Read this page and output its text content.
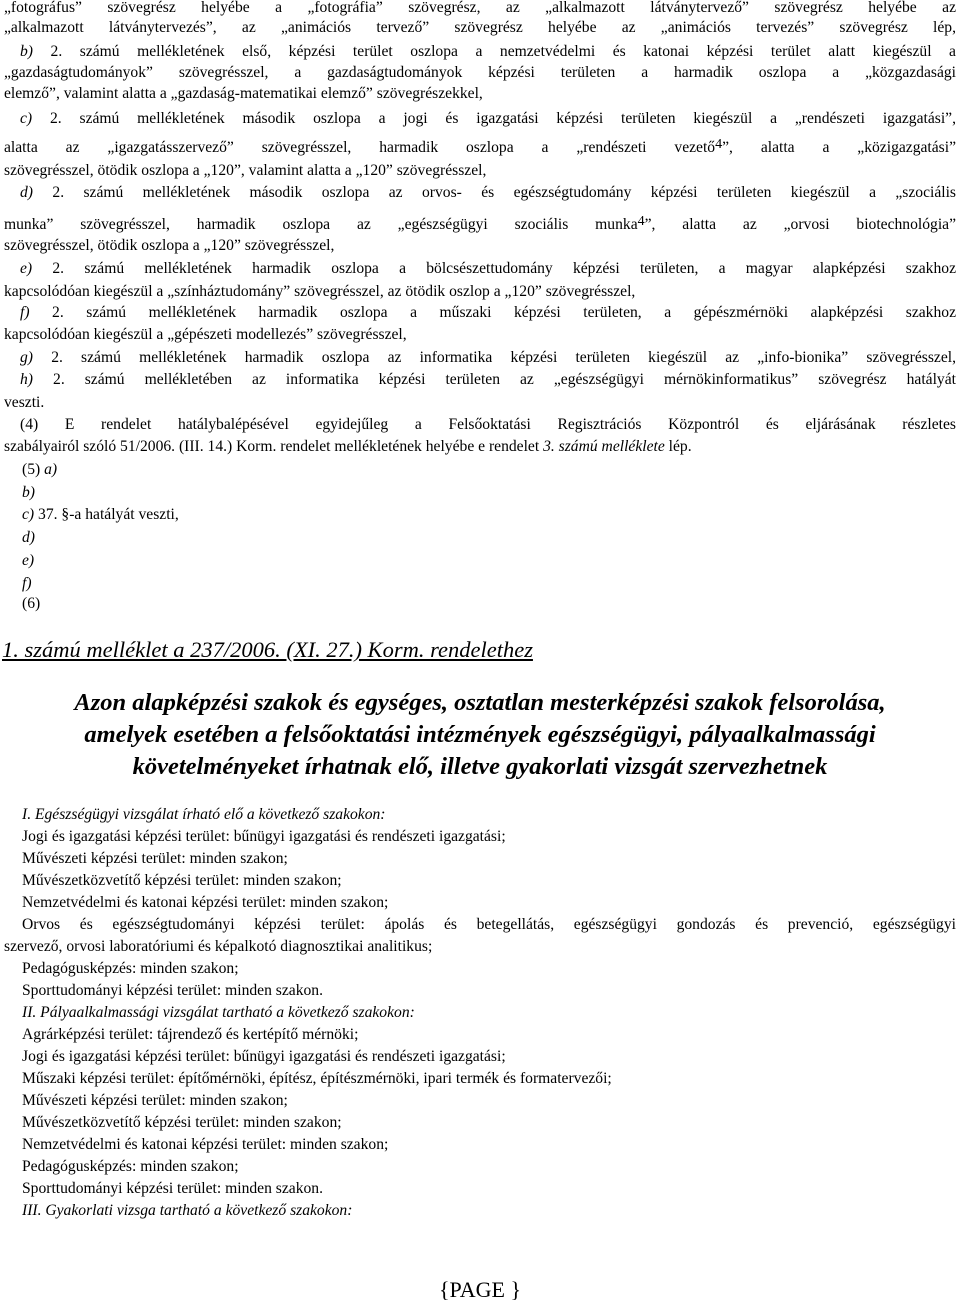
„fotográfus” szövegrész helyébe a „fotográfia” szövegrész, az „alkalmazott látványtervező” szövegrész helyébe az
„alkalmazott látványtervezés”, az „animációs tervező” szövegrész helyébe az „animációs tervezés” szövegrész lép,
b) 2. számú mellékletének első, képzési terület oszlopa a nemzetvédelmi és katonai képzési terület alatt kiegészül a
„gazdaságtudományok” szövegrésszel, a gazdaságtudományok képzési területen a harmadik oszlopa a „közgazdasági
elemző”, valamint alatta a „gazdaság-matematikai elemző” szövegrészekkel,
c) 2. számú mellékletének második oszlopa a jogi és igazgatási képzési területen kiegészül a „rendészeti igazgatási”,
alatta az „igazgatásszervező” szövegrésszel, harmadik oszlopa a „rendészeti vezető$^4$”, alatta a „közigazgatási”
szövegrésszel, ötödik oszlopa a „120”, valamint alatta a „120” szövegrésszel,
d) 2. számú mellékletének második oszlopa az orvos- és egészségtudomány képzési területen kiegészül a „szociális
munka” szövegrésszel, harmadik oszlopa az „egészségügyi szociális munka$^4$”, alatta az „orvosi biotechnológia”
szövegrésszel, ötödik oszlopa a „120” szövegrésszel,
e) 2. számú mellékletének harmadik oszlopa a bölcsészettudomány képzési területen, a magyar alapképzési szakhoz
kapcsolódóan kiegészül a „színháztudomány” szövegrésszel, az ötödik oszlop a „120” szövegrésszel,
f) 2. számú mellékletének harmadik oszlopa a műszaki képzési területen, a gépészmérnöki alapképzési szakhoz
kapcsolódóan kiegészül a „gépészeti modellezés” szövegrésszel,
g) 2. számú mellékletének harmadik oszlopa az informatika képzési területen kiegészül az „info-bionika” szövegrésszel,
h) 2. számú mellékletében az informatika képzési területen az „egészségügyi mérnökinformatikus” szövegrész hatályát
veszti.
(4) E rendelet hatálybalépésével egyidejűleg a Felsőoktatási Regisztrációs Központról és eljárásának részletes
szabályairól szóló 51/2006. (III. 14.) Korm. rendelet mellékletének helyébe e rendelet 3. számú melléklete lép.
(5) a)
b)
c) 37. §-a hatályát veszti,
d)
e)
f)
(6)
1. számú melléklet a 237/2006. (XI. 27.) Korm. rendelethez
Azon alapképzési szakok és egységes, osztatlan mesterképzési szakok felsorolása,
amelyek esetében a felsőoktatási intézmények egészségügyi, pályaalkalmassági
követelményeket írhatnak elő, illetve gyakorlati vizsgát szervezhetnek
I. Egészségügyi vizsgálat írható elő a következő szakokon:
Jogi és igazgatási képzési terület: bűnügyi igazgatási és rendészeti igazgatási;
Művészeti képzési terület: minden szakon;
Művészetközvetítő képzési terület: minden szakon;
Nemzetvédelmi és katonai képzési terület: minden szakon;
Orvos és egészségtudományi képzési terület: ápolás és betegellátás, egészségügyi gondozás és prevenció, egészségügyi
szervező, orvosi laboratóriumi és képalkotó diagnosztikai analitikus;
Pedagógusképzés: minden szakon;
Sporttudományi képzési terület: minden szakon.
II. Pályaalkalmassági vizsgálat tartható a következő szakokon:
Agrárképzési terület: tájrendező és kertépítő mérnöki;
Jogi és igazgatási képzési terület: bűnügyi igazgatási és rendészeti igazgatási;
Műszaki képzési terület: építőmérnöki, építész, építészmérnöki, ipari termék és formatervezői;
Művészeti képzési terület: minden szakon;
Művészetközvetítő képzési terület: minden szakon;
Nemzetvédelmi és katonai képzési terület: minden szakon;
Pedagógusképzés: minden szakon;
Sporttudományi képzési terület: minden szakon.
III. Gyakorlati vizsga tartható a következő szakokon:
{PAGE }
